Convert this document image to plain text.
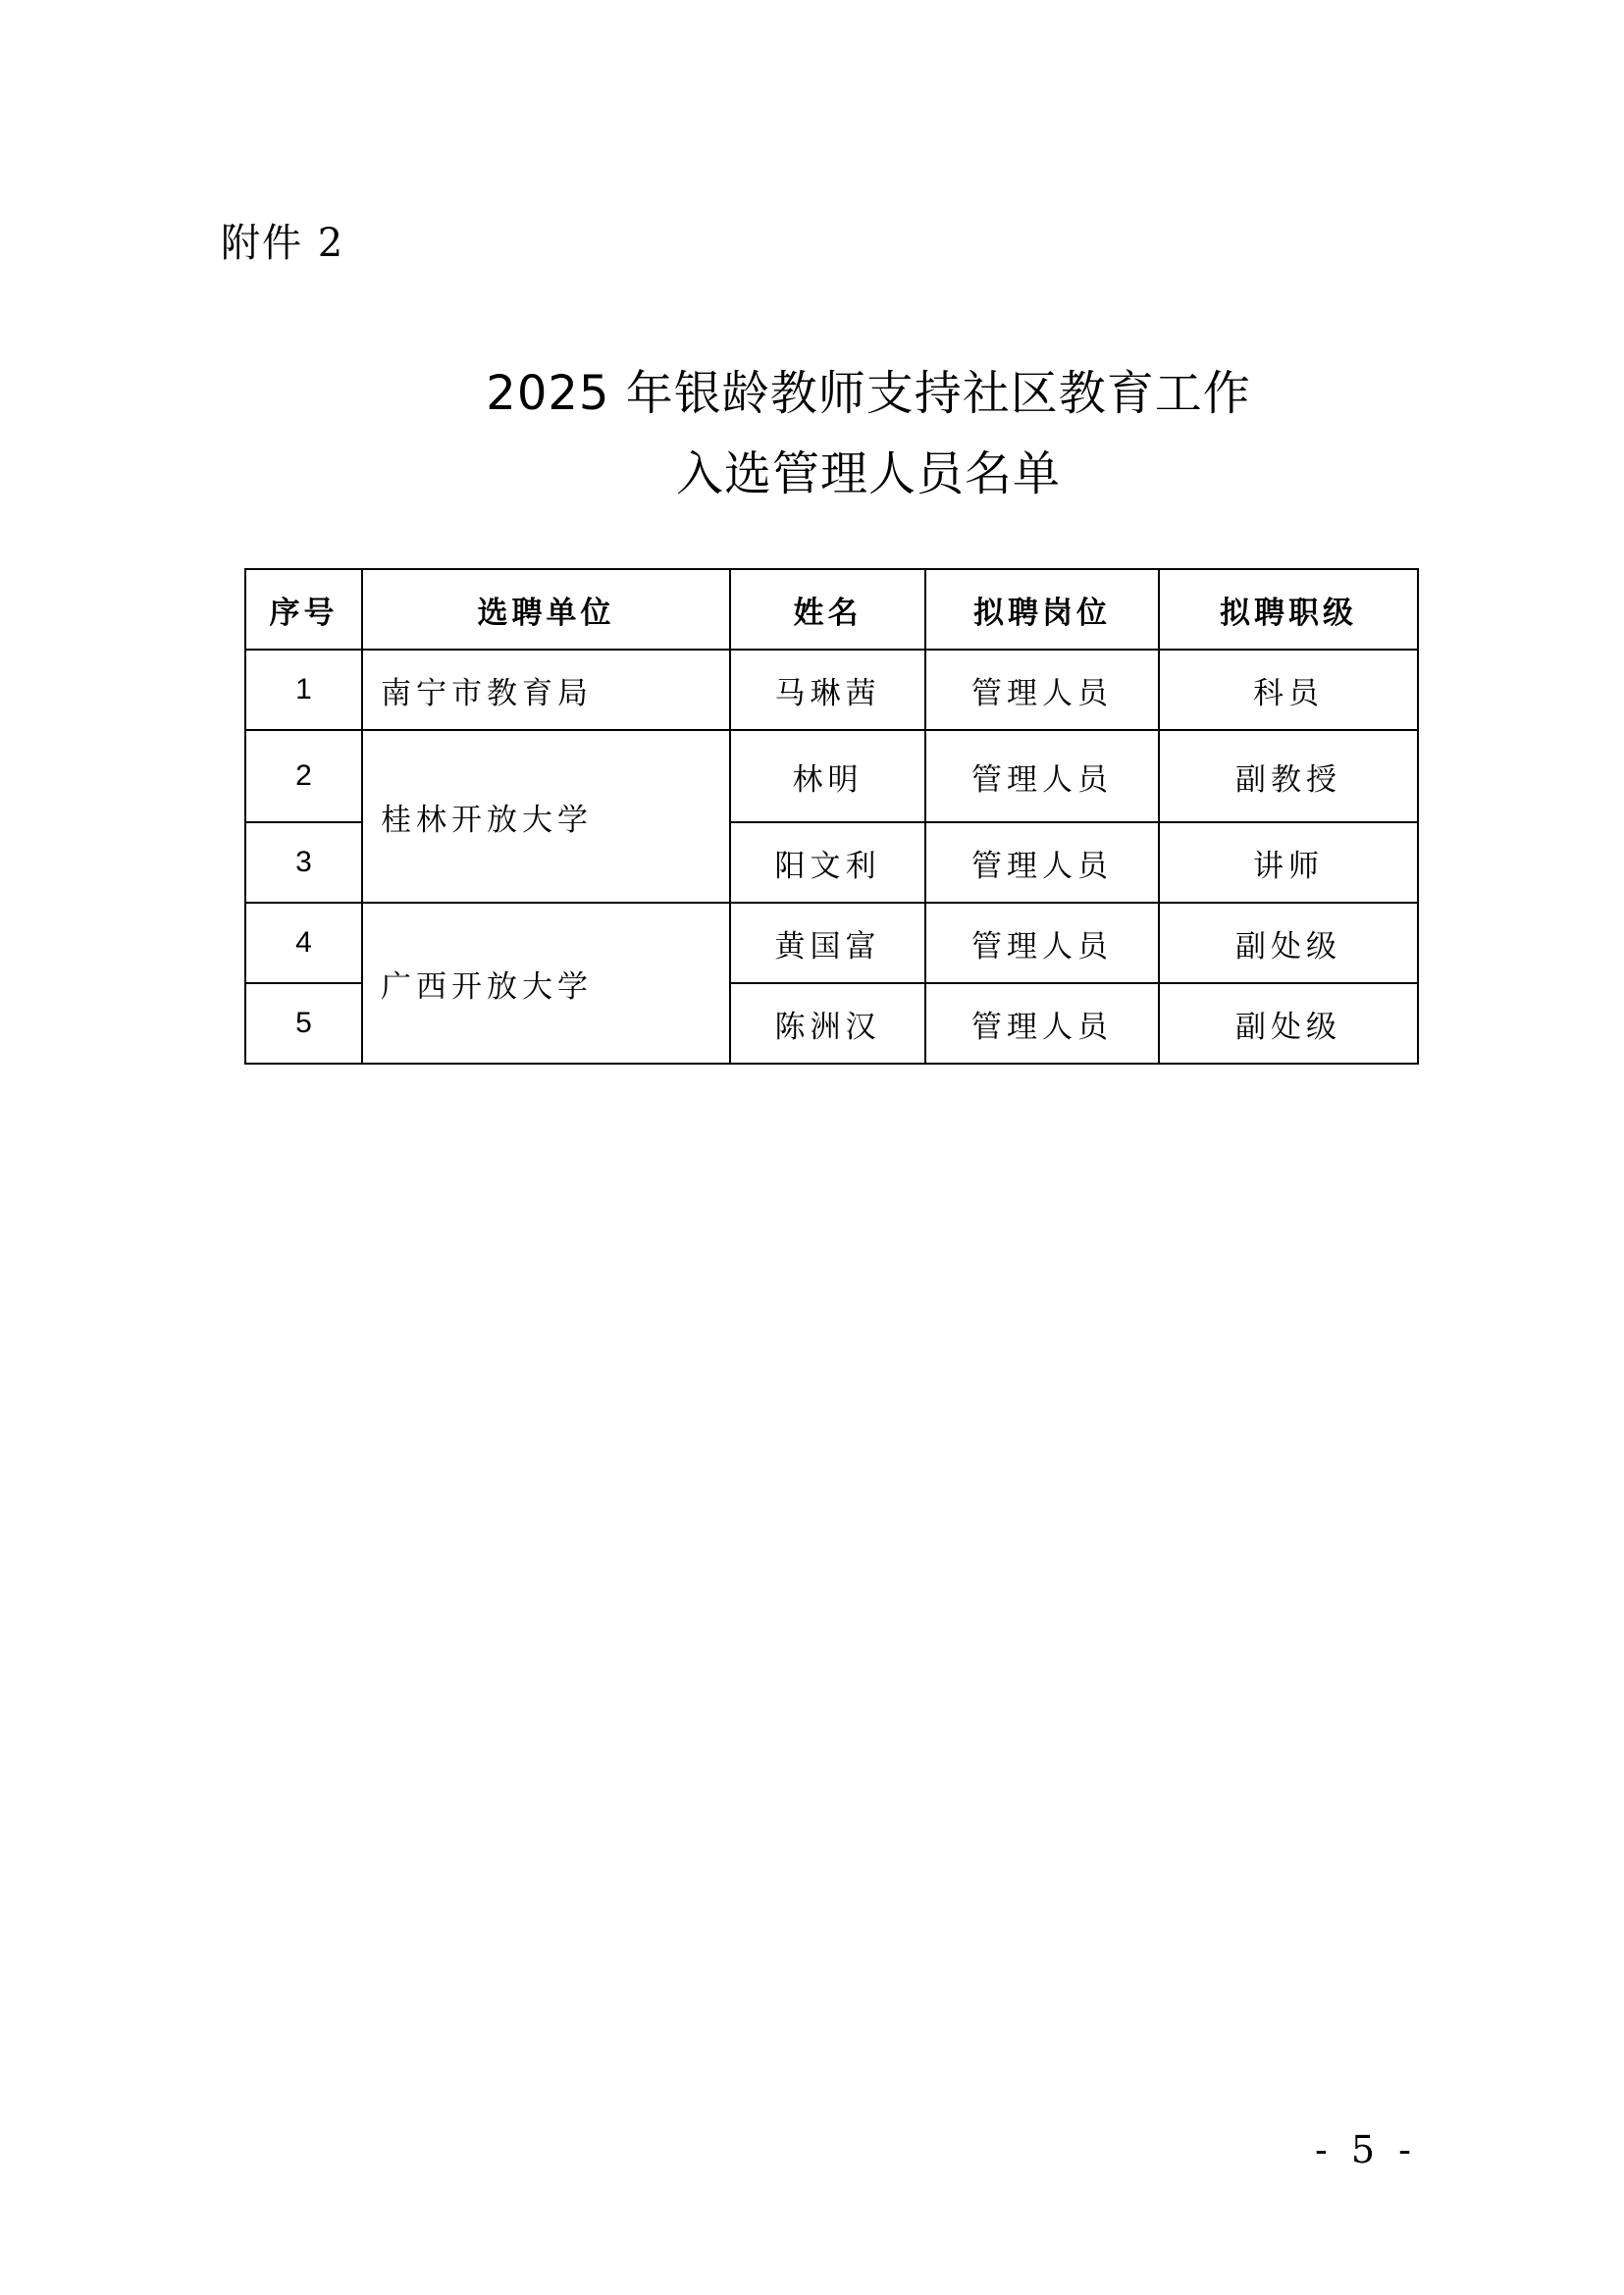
附件 2
2025 年银龄教师支持社区教育工作
入选管理人员名单
序号	选聘单位	姓名	拟聘岗位	拟聘职级
1	南宁市教育局	马琳茜	管理人员	科员
2	桂林开放大学	林明	管理人员	副教授
3		阳文利	管理人员	讲师
4	广西开放大学	黄国富	管理人员	副处级
5		陈洲汉	管理人员	副处级
- 5 -
